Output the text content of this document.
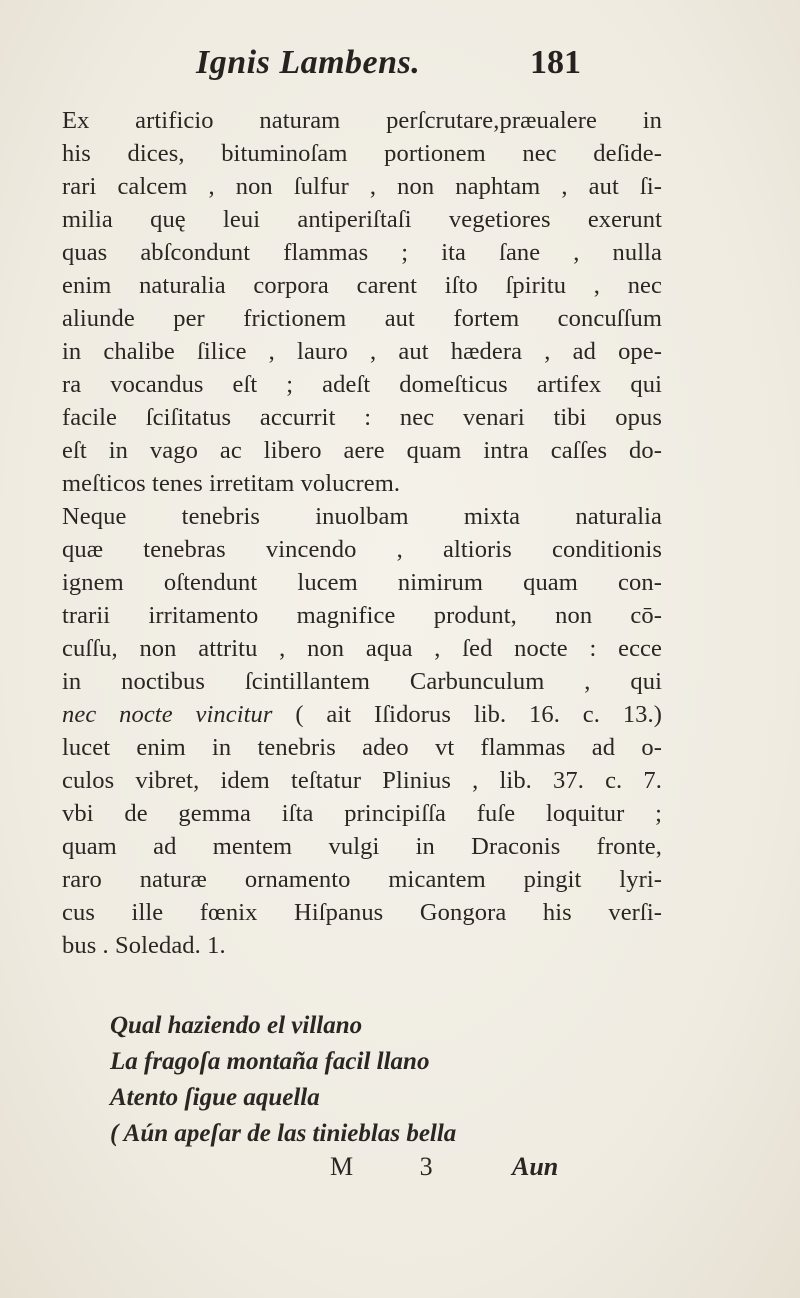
Ignis Lambens.	181
Ex artificio naturam perſcrutare,præualere in
his dices, bituminoſam portionem nec deſide-
rari calcem , non ſulfur , non naphtam , aut ſi-
milia quę leui antiperiſtaſi vegetiores exerunt
quas abſcondunt flammas ; ita ſane , nulla
enim naturalia corpora carent iſto ſpiritu , nec
aliunde per frictionem aut fortem concuſſum
in chalibe ſilice , lauro , aut hædera , ad ope-
ra vocandus eſt ; adeſt domeſticus artifex qui
facile ſciſitatus accurrit : nec venari tibi opus
eſt in vago ac libero aere quam intra caſſes do-
meſticos tenes irretitam volucrem.
Neque tenebris inuolbam mixta naturalia
quæ tenebras vincendo , altioris conditionis
ignem oſtendunt lucem nimirum quam con-
trarii irritamento magnifice produnt, non cō-
cuſſu, non attritu , non aqua , ſed nocte : ecce
in noctibus ſcintillantem Carbunculum , qui
nec nocte vincitur ( ait Iſidorus lib. 16. c. 13.)
lucet enim in tenebris adeo vt flammas ad o-
culos vibret, idem teſtatur Plinius , lib. 37. c. 7.
vbi de gemma iſta principiſſa fuſe loquitur ;
quam ad mentem vulgi in Draconis fronte,
raro naturæ ornamento micantem pingit lyri-
cus ille fœnix Hiſpanus Gongora his verſi-
bus . Soledad. 1.
Qual haziendo el villano
La fragoſa montaña facil llano
Atento ſigue aquella
( Aún apeſar de las tinieblas bella
M 3 Aun
